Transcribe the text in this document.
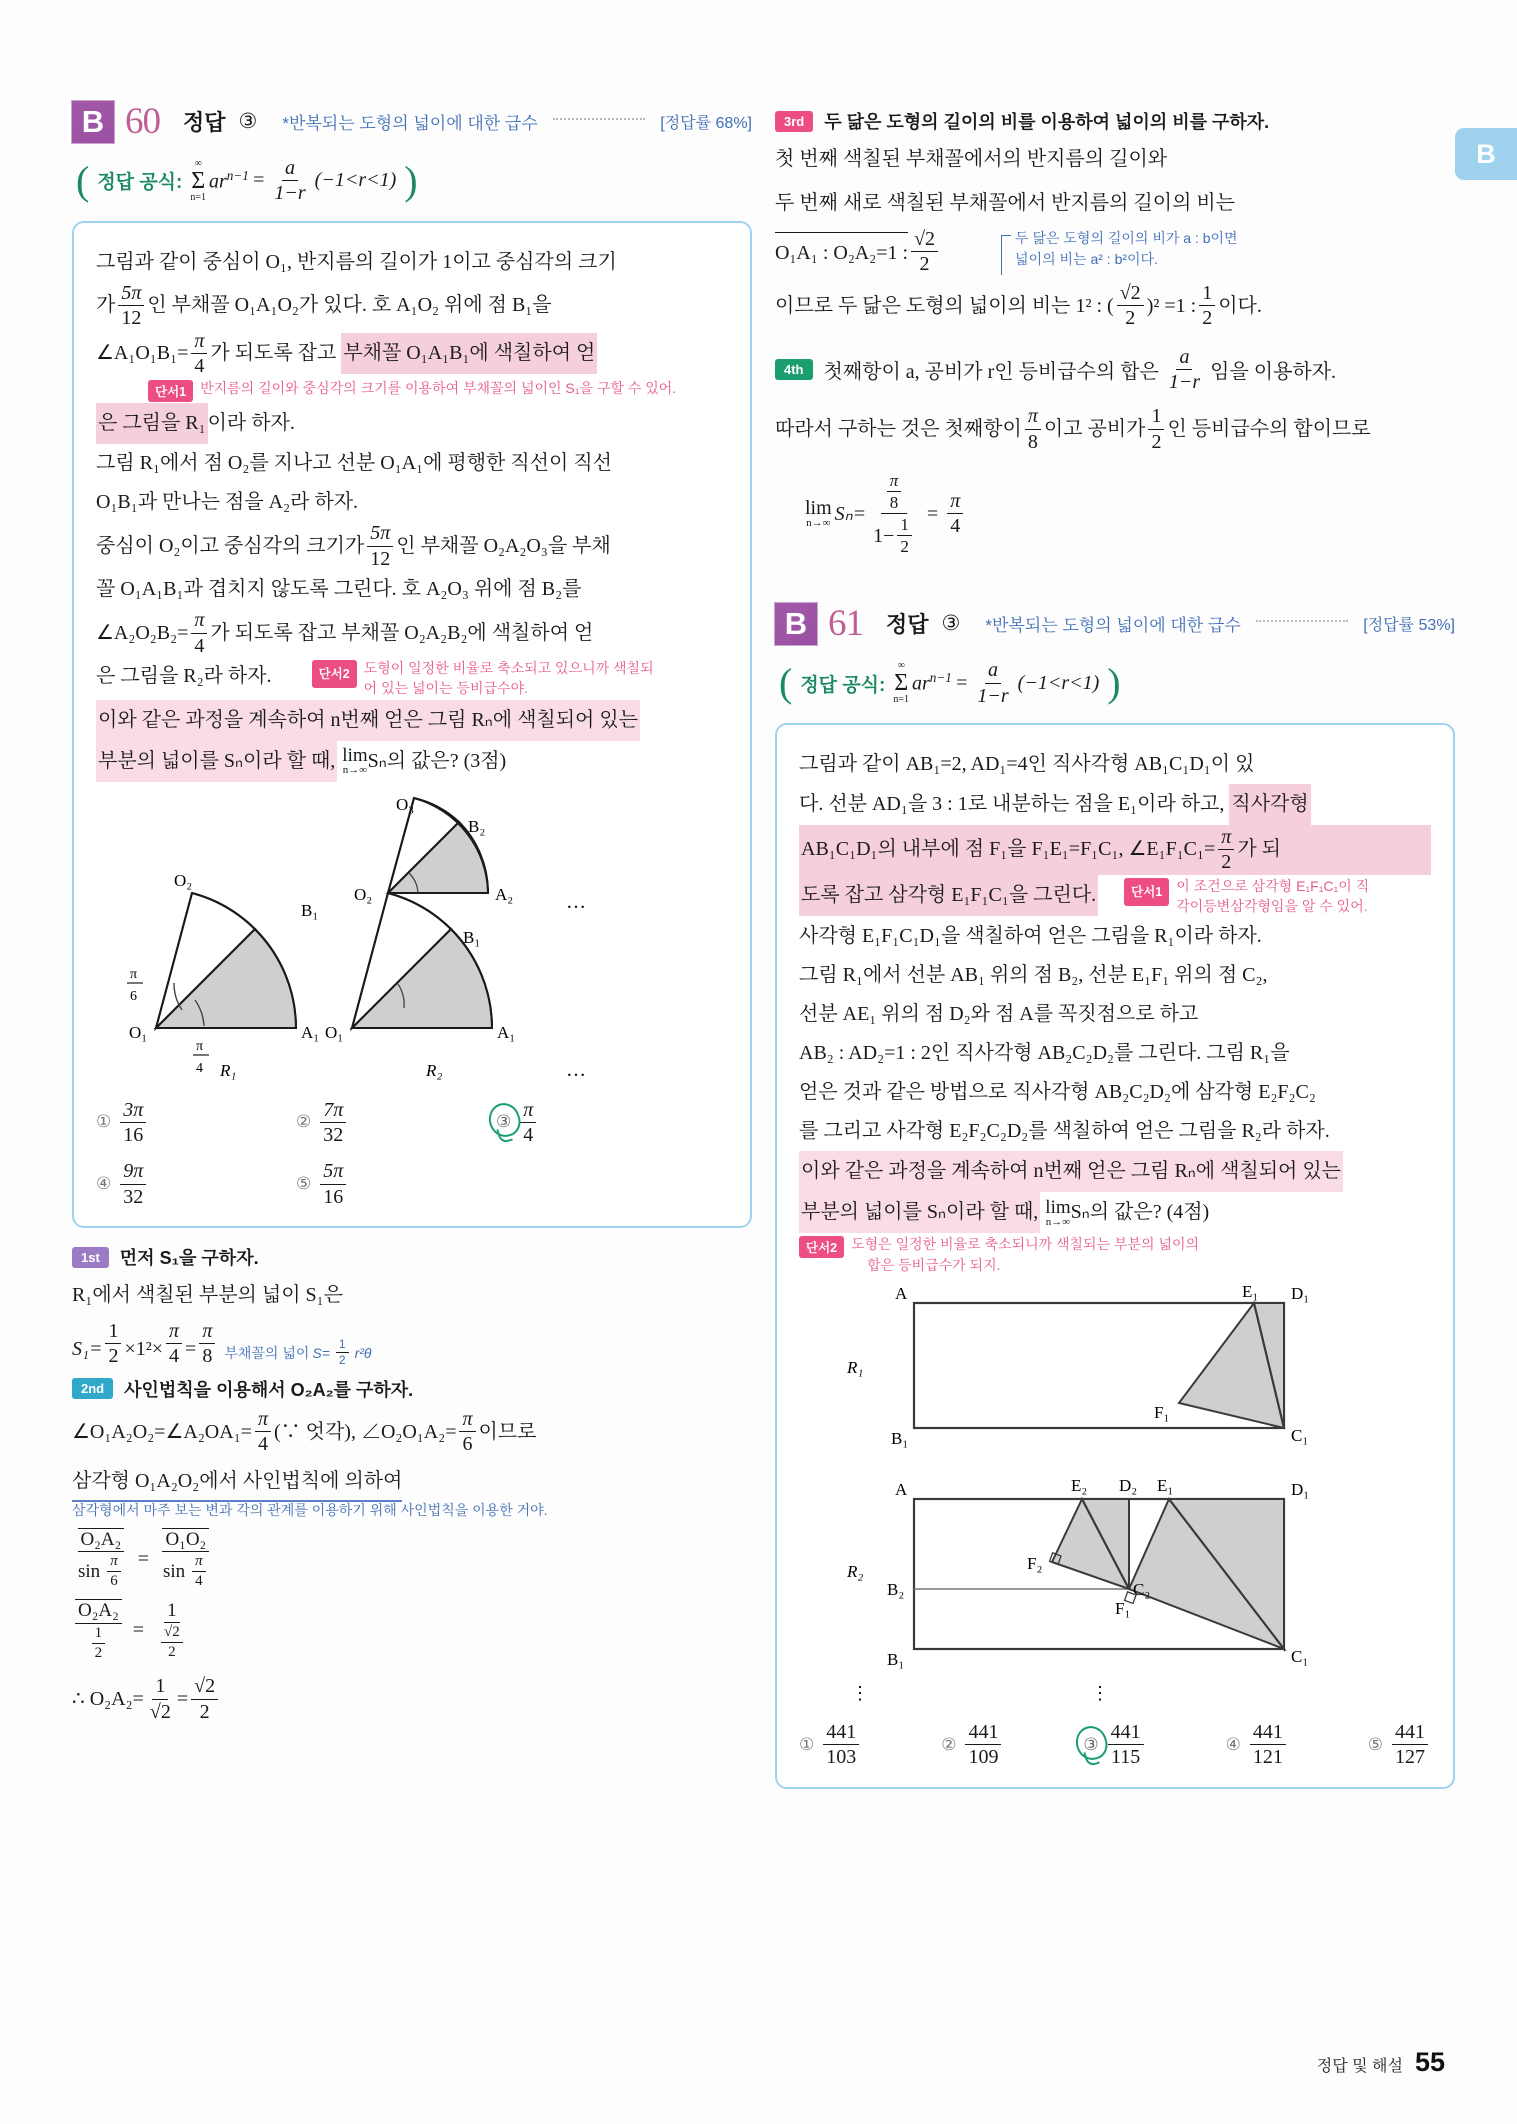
B
B 60 정답 ③ *반복되는 도형의 넓이에 대한 급수	[정답률 68%]
( 정답 공식:
∞
Σ
n=1
$ar^{n-1} = \frac{a}{1-r} (-1<r<1)$ )
그림과 같이 중심이 O₁, 반지름의 길이가 1이고 중심각의 크기
가 $\frac{5\pi}{12}$ 인 부채꼴 O₁A₁O₂가 있다. 호 A₁O₂ 위에 점 B₁을
∠A₁O₁B₁= $\frac{\pi}{4}$ 가 되도록 잡고
부채꼴 O₁A₁B₁에 색칠하여 얻
단서1	반지름의 길이와 중심각의 크기를 이용하여 부채꼴의 넓이인 S₁을 구할 수 있어.
은 그림을 R₁ 이라 하자.
그림 R₁에서 점 O₂를 지나고 선분 O₁A₁에 평행한 직선이 직선
O₁B₁과 만나는 점을 A₂라 하자.
중심이 O₂이고 중심각의 크기가 $\frac{5\pi}{12}$ 인 부채꼴 O₂A₂O₃을 부채
꼴 O₁A₁B₁과 겹치지 않도록 그린다. 호 A₂O₃ 위에 점 B₂를
∠A₂O₂B₂= $\frac{\pi}{4}$ 가 되도록 잡고 부채꼴 O₂A₂B₂에 색칠하여 얻
은 그림을 R₂라 하자.	단서2	도형이 일정한 비율로 축소되고 있으니까 색칠되어 있는 넓이는 등비급수야.
이와 같은 과정을 계속하여 n번째 얻은 그림 Rₙ에 색칠되어 있는
부분의 넓이를 Sₙ이라 할 때,
lim
n→∞ Sₙ의 값은? (3점)
O₂
B₁
O₁	A₁
π
6
π
4
O₃
B₂
O₂	A₂
B₁
O₁	A₁
…
R₁	R₂	…
① $\frac{3\pi}{16}$	② $\frac{7\pi}{32}$	③ $\frac{\pi}{4}$
④ $\frac{9\pi}{32}$	⑤ $\frac{5\pi}{16}$
1st	먼저 S₁을 구하자.
R₁에서 색칠된 부분의 넓이 S₁은
$S_1= \frac{1}{2} \times 1^2\times \frac{\pi}{4} = \frac{\pi}{8}$ 부채꼴의 넓이 $S= \frac{1}{2} r^2\theta$
2nd	사인법칙을 이용해서 O₂A₂를 구하자.
∠O₁A₂O₂=∠A₂OA₁= $\frac{\pi}{4}$ (∵ 엇각), ∠O₂O₁A₂= $\frac{\pi}{6}$ 이므로
삼각형 O₁A₂O₂에서 사인법칙에 의하여
삼각형에서 마주 보는 변과 각의 관계를 이용하기 위해 사인법칙을 이용한 거야.
$\frac{\text{O₂A₂}}{\sin \frac{\pi}{6}} = \frac{\text{O₁O₂}}{\sin \frac{\pi}{4}}$
$\frac{\text{O₂A₂}}{\frac{1}{2}} = \frac{1}{\frac{√2}{2}}$
∴ $O_2A_2= \frac{1}{√2} = \frac{√2}{2}$
3rd	두 닮은 도형의 길이의 비를 이용하여 넓이의 비를 구하자.
첫 번째 색칠된 부채꼴에서의 반지름의 길이와
두 번째 새로 색칠된 부채꼴에서 반지름의 길이의 비는
O₁A₁ : O₂A₂=1 : $\frac{√2}{2}$	두 닮은 도형의 길이의 비가 a : b이면
넓이의 비는 a² : b²이다.
이므로 두 닮은 도형의 넓이의 비는 1² : ( $\frac{√2}{2} )^2 =1$ : $\frac{1}{2}$ 이다.
4th	첫째항이 a, 공비가 r인 등비급수의 합은 $\frac{a}{1-r}$ 임을 이용하자.
따라서 구하는 것은 첫째항이 $\frac{\pi}{8}$ 이고 공비가 $\frac{1}{2}$ 인 등비급수의 합이므로
lim
n→∞ $S_n= \frac{\frac{\pi}{8}}{1- \frac{1}{2}} = \frac{\pi}{4}$
B 61 정답 ③ *반복되는 도형의 넓이에 대한 급수	[정답률 53%]
( 정답 공식:
∞
Σ
n=1
$ar^{n-1} = \frac{a}{1-r} (-1<r<1)$ )
그림과 같이 AB₁=2, AD₁=4인 직사각형 AB₁C₁D₁이 있
다. 선분 AD₁을 3 : 1로 내분하는 점을 E₁이라 하고,
직사각형
AB₁C₁D₁의 내부에 점 F₁을 F₁E₁=F₁C₁, ∠E₁F₁C₁= $\frac{\pi}{2}$ 가 되
도록 잡고 삼각형 E₁F₁C₁을 그린다.	단서1	이 조건으로 삼각형 E₁F₁C₁이 직
각이등변삼각형임을 알 수 있어.
사각형 E₁F₁C₁D₁을 색칠하여 얻은 그림을 R₁이라 하자.
그림 R₁에서 선분 AB₁ 위의 점 B₂, 선분 E₁F₁ 위의 점 C₂,
선분 AE₁ 위의 점 D₂와 점 A를 꼭짓점으로 하고
AB₂ : AD₂=1 : 2인 직사각형 AB₂C₂D₂를 그린다. 그림 R₁을
얻은 것과 같은 방법으로 직사각형 AB₂C₂D₂에 삼각형 E₂F₂C₂
를 그리고 사각형 E₂F₂C₂D₂를 색칠하여 얻은 그림을 R₂라 하자.
이와 같은 과정을 계속하여 n번째 얻은 그림 Rₙ에 색칠되어 있는
부분의 넓이를 Sₙ이라 할 때,
lim
n→∞ Sₙ의 값은? (4점)
단서2	도형은 일정한 비율로 축소되니까 색칠되는 부분의 넓이의
합은 등비급수가 되지.
A	E₁ D₁
F₁
B₁	C₁
R₁
A	E₂ D₂ E₁	D₁
F₂
C₂
F₁
B₂
B₁	C₁
R₂
⋮	⋮
① $\frac{441}{103}$	② $\frac{441}{109}$	③ $\frac{441}{115}$	④ $\frac{441}{121}$	⑤ $\frac{441}{127}$
정답 및 해설 55
